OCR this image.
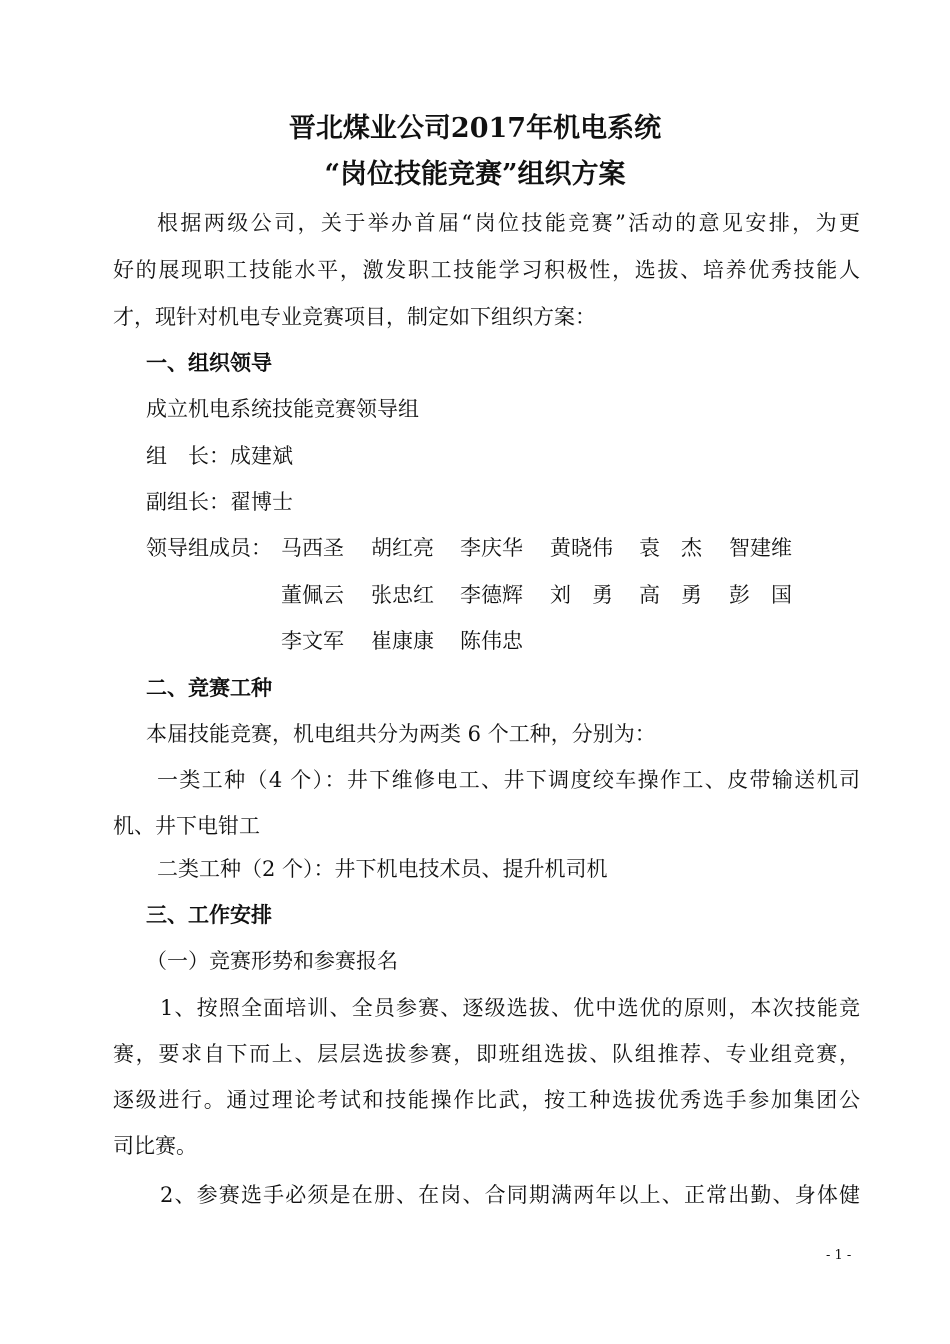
晋北煤业公司2017年机电系统
“岗位技能竞赛”组织方案
根据两级公司，关于举办首届“岗位技能竞赛”活动的意见安排，为更
好的展现职工技能水平，激发职工技能学习积极性，选拔、培养优秀技能人
才，现针对机电专业竞赛项目，制定如下组织方案：
一、组织领导
成立机电系统技能竞赛领导组
组　长：成建斌
副组长：翟博士
领导组成员： 马西圣 胡红亮 李庆华 黄晓伟 袁　杰 智建维
董佩云 张忠红 李德辉 刘　勇 高　勇 彭　国
李文军 崔康康 陈伟忠
二、竞赛工种
本届技能竞赛，机电组共分为两类 6 个工种，分别为：
一类工种（4 个）：井下维修电工、井下调度绞车操作工、皮带输送机司
机、井下电钳工
二类工种（2 个）：井下机电技术员、提升机司机
三、工作安排
（一）竞赛形势和参赛报名
1、按照全面培训、全员参赛、逐级选拔、优中选优的原则，本次技能竞
赛，要求自下而上、层层选拔参赛，即班组选拔、队组推荐、专业组竞赛，
逐级进行。通过理论考试和技能操作比武，按工种选拔优秀选手参加集团公
司比赛。
2、参赛选手必须是在册、在岗、合同期满两年以上、正常出勤、身体健
- 1 -
